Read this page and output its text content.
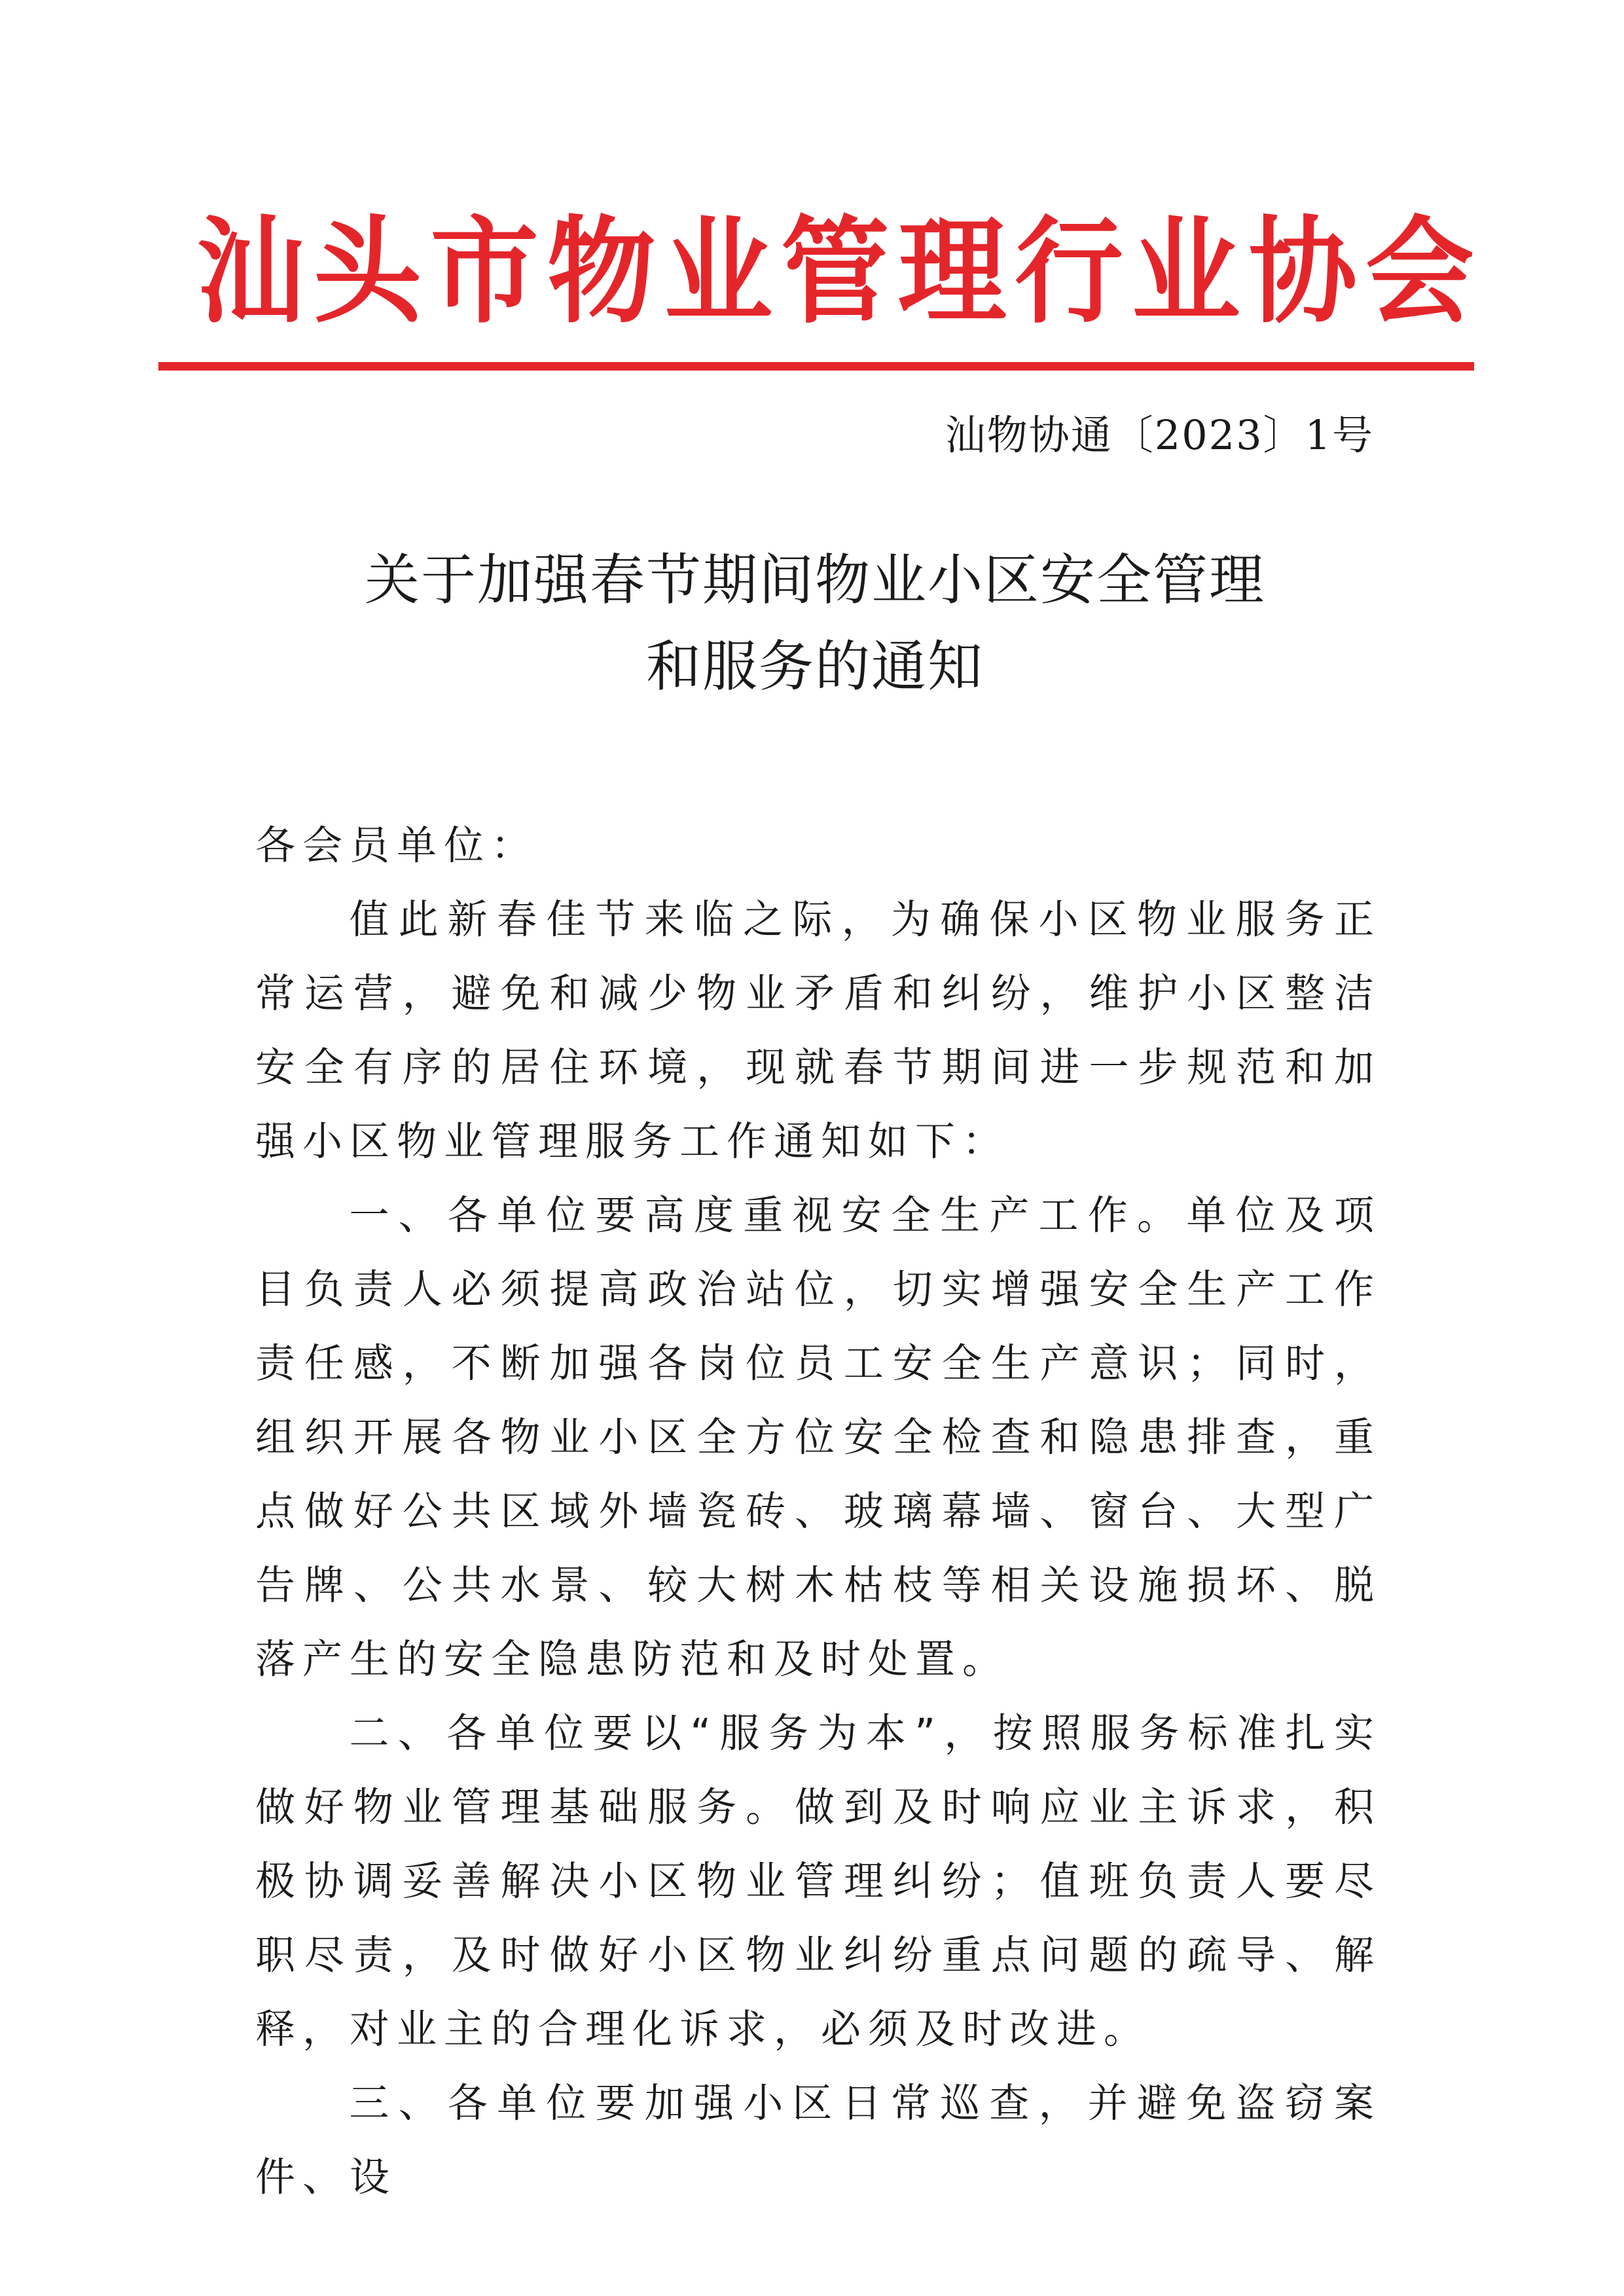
汕头市物业管理行业协会
汕物协通〔2023〕1号
关于加强春节期间物业小区安全管理
和服务的通知

各会员单位：

值此新春佳节来临之际，为确保小区物业服务正常运营，避免和减少物业矛盾和纠纷，维护小区整洁安全有序的居住环境，现就春节期间进一步规范和加强小区物业管理服务工作通知如下：

一、各单位要高度重视安全生产工作。单位及项目负责人必须提高政治站位，切实增强安全生产工作责任感，不断加强各岗位员工安全生产意识；同时，组织开展各物业小区全方位安全检查和隐患排查，重点做好公共区域外墙瓷砖、玻璃幕墙、窗台、大型广告牌、公共水景、较大树木枯枝等相关设施损坏、脱落产生的安全隐患防范和及时处置。

二、各单位要以“服务为本”，按照服务标准扎实做好物业管理基础服务。做到及时响应业主诉求，积极协调妥善解决小区物业管理纠纷；值班负责人要尽职尽责，及时做好小区物业纠纷重点问题的疏导、解释，对业主的合理化诉求，必须及时改进。

三、各单位要加强小区日常巡查，并避免盗窃案件、设
